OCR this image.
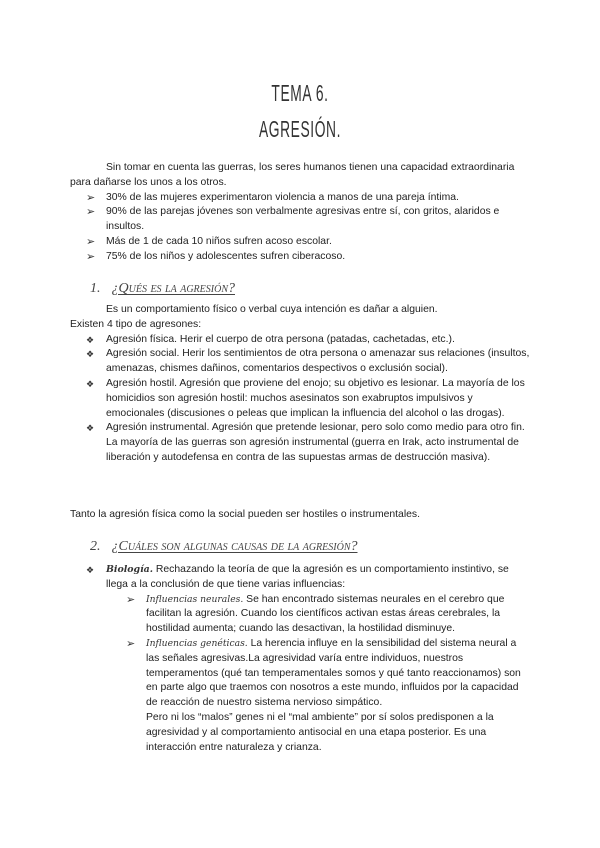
TEMA 6.
AGRESIÓN.

Sin tomar en cuenta las guerras, los seres humanos tienen una capacidad extraordinaria para dañarse los unos a los otros.

➢ 30% de las mujeres experimentaron violencia a manos de una pareja íntima.
➢ 90% de las parejas jóvenes son verbalmente agresivas entre sí, con gritos, alaridos e insultos.
➢ Más de 1 de cada 10 niños sufren acoso escolar.
➢ 75% de los niños y adolescentes sufren ciberacoso.
1. ¿Qués es la agresión?

Es un comportamiento físico o verbal cuya intención es dañar a alguien.

Existen 4 tipo de agresones:

❖ Agresión física. Herir el cuerpo de otra persona (patadas, cachetadas, etc.).
❖ Agresión social. Herir los sentimientos de otra persona o amenazar sus relaciones (insultos, amenazas, chismes dañinos, comentarios despectivos o exclusión social).
❖ Agresión hostil. Agresión que proviene del enojo; su objetivo es lesionar. La mayoría de los homicidios son agresión hostil: muchos asesinatos son exabruptos impulsivos y emocionales (discusiones o peleas que implican la influencia del alcohol o las drogas).
❖ Agresión instrumental. Agresión que pretende lesionar, pero solo como medio para otro fin. La mayoría de las guerras son agresión instrumental (guerra en Irak, acto instrumental de liberación y autodefensa en contra de las supuestas armas de destrucción masiva).

Tanto la agresión física como la social pueden ser hostiles o instrumentales.

2. ¿Cuáles son algunas causas de la agresión?
❖ Biología. Rechazando la teoría de que la agresión es un comportamiento instintivo, se llega a la conclusión de que tiene varias influencias:
➢ Influencias neurales. Se han encontrado sistemas neurales en el cerebro que facilitan la agresión. Cuando los científicos activan estas áreas cerebrales, la hostilidad aumenta; cuando las desactivan, la hostilidad disminuye.
➢ Influencias genéticas. La herencia influye en la sensibilidad del sistema neural a las señales agresivas.La agresividad varía entre individuos, nuestros temperamentos (qué tan temperamentales somos y qué tanto reaccionamos) son en parte algo que traemos con nosotros a este mundo, influidos por la capacidad de reacción de nuestro sistema nervioso simpático.
Pero ni los “malos” genes ni el “mal ambiente” por sí solos predisponen a la agresividad y al comportamiento antisocial en una etapa posterior. Es una interacción entre naturaleza y crianza.
